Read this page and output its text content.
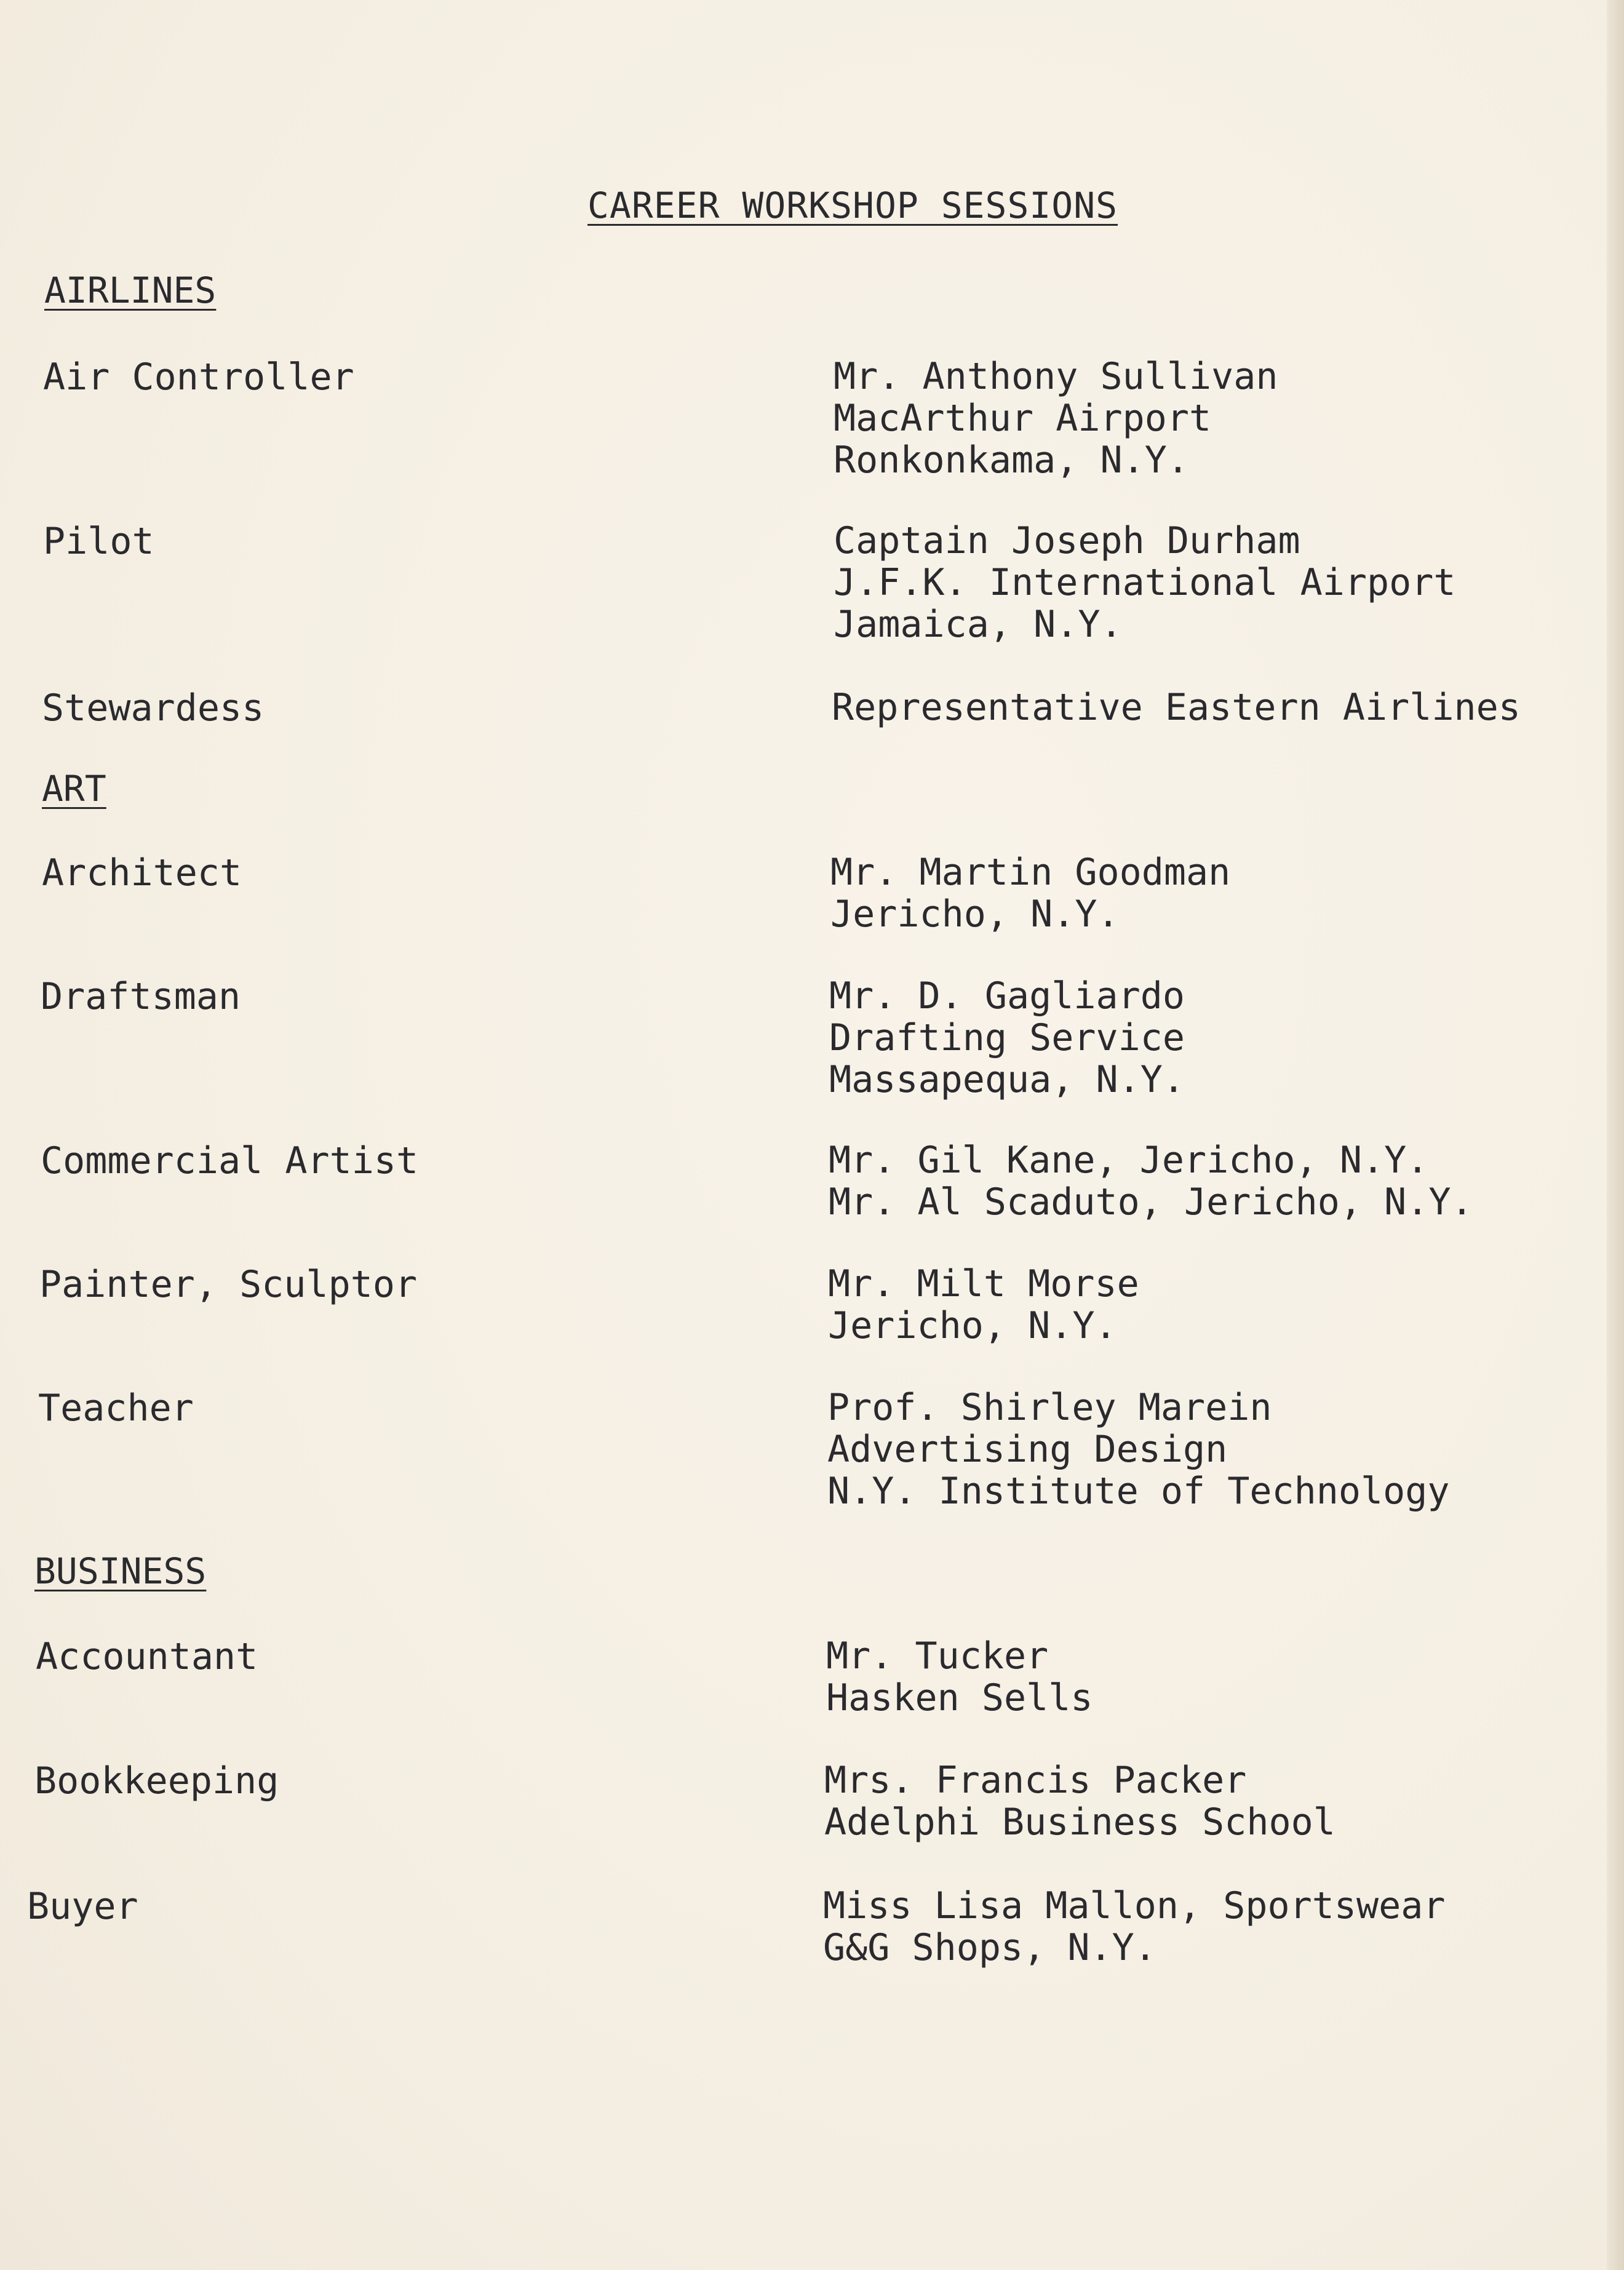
CAREER WORKSHOP SESSIONS
AIRLINES
Air Controller	Mr. Anthony Sullivan
MacArthur Airport
Ronkonkama, N.Y.
Pilot	Captain Joseph Durham
J.F.K. International Airport
Jamaica, N.Y.
Stewardess	Representative Eastern Airlines
ART
Architect	Mr. Martin Goodman
Jericho, N.Y.
Draftsman	Mr. D. Gagliardo
Drafting Service
Massapequa, N.Y.
Commercial Artist	Mr. Gil Kane, Jericho, N.Y.
Mr. Al Scaduto, Jericho, N.Y.
Painter, Sculptor	Mr. Milt Morse
Jericho, N.Y.
Teacher	Prof. Shirley Marein
Advertising Design
N.Y. Institute of Technology
BUSINESS
Accountant	Mr. Tucker
Hasken Sells
Bookkeeping	Mrs. Francis Packer
Adelphi Business School
Buyer	Miss Lisa Mallon, Sportswear
G&G Shops, N.Y.
